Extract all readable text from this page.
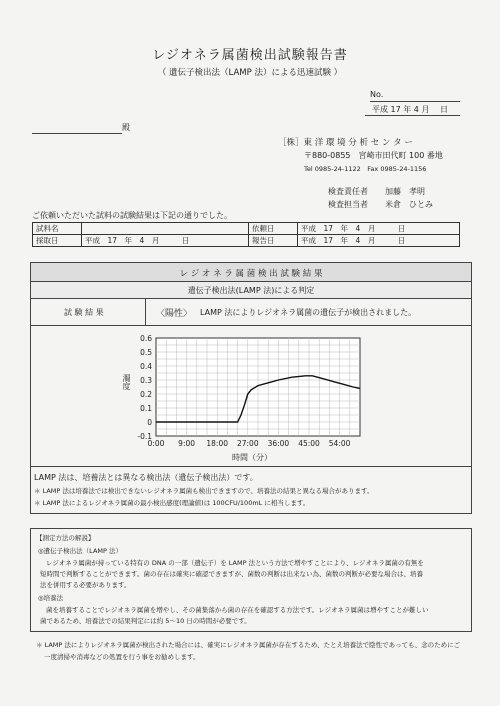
レジオネラ属菌検出試験報告書
（ 遺伝子検出法（LAMP 法）による迅速試験 ）
No.
平成 17 年 4 月　 日
殿
［株］東 洋 環 境 分 析 セ ン タ ー
〒880-0855　宮崎市田代町 100 番地
Tel 0985-24-1122　Fax 0985-24-1156
検査責任者 加藤　孝明
検査担当者 米倉　ひとみ
ご依頼いただいた試料の試験結果は下記の通りでした。
試料名		依頼日	平成　17　年　4　月　　　日
採取日	平成　17　年　4　月　　　日	報告日	平成　17　年　4　月　　　日
レ ジ オ ネ ラ 属 菌 検 出 試 験 結 果
遺伝子検出法(LAMP 法)による判定
試 験 結 果	〈陽性〉 LAMP 法によりレジオネラ属菌の遺伝子が検出されました。
0.6
0.5
0.4
0.3
0.2
0.1
0
-0.1
0:00 9:00 18:00 27:00 36:00 45:00 54:00
濁度
時間（分）
LAMP 法は、培養法とは異なる検出法（遺伝子検出法）です。
＊ LAMP 法は培養法では検出できないレジオネラ属菌も検出できますので、培養法の結果と異なる場合があります。
＊ LAMP 法によるレジオネラ属菌の最小検出感度(理論値)は 100CFU/100mL に相当します。
【測定方法の解説】
◎遺伝子検出法（LAMP 法）
レジオネラ属菌が持っている特有の DNA の一部（遺伝子）を LAMP 法という方法で増やすことにより、レジオネラ属菌の有無を
短時間で判断することができます。菌の存在は確実に確認できますが、菌数の判断は出来ない為、菌数の判断が必要な場合は、培養
法を併用する必要があります。
◎培養法
菌を培養することでレジオネラ属菌を増やし、その菌集落から菌の存在を確認する方法です。レジオネラ属菌は増やすことが難しい
菌であるため、培養法での結果判定には約 5〜10 日の時間が必要です。
＊ LAMP 法によりレジオネラ属菌が検出された場合には、確実にレジオネラ属菌が存在するため、たとえ培養法で陰性であっても、念のためにご
一度清掃や消毒などの処置を行う事をお勧めします。
